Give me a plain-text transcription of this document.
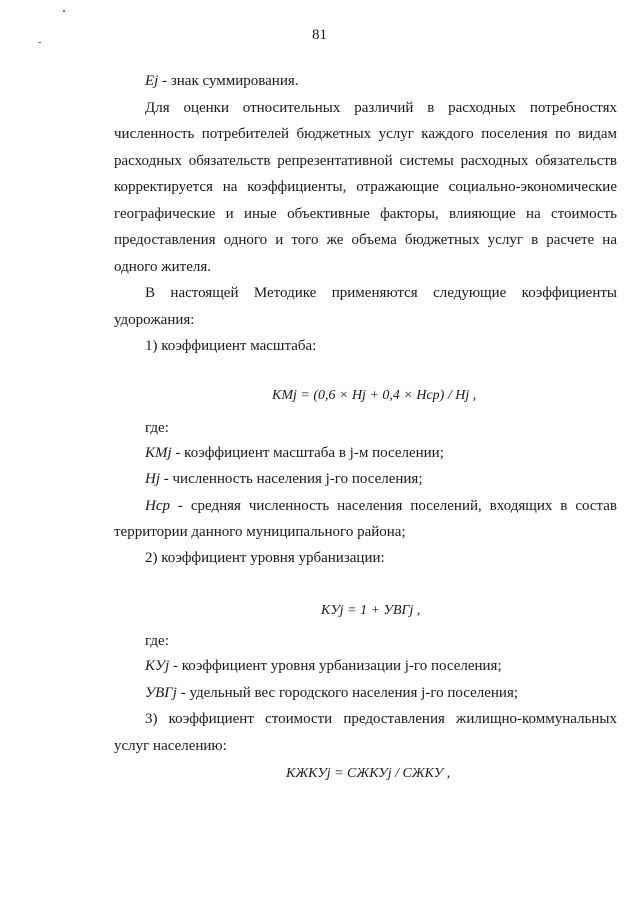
81
Ej - знак суммирования.
Для оценки относительных различий в расходных потребностях
численность потребителей бюджетных услуг каждого поселения по видам
расходных обязательств репрезентативной системы расходных обязательств
корректируется на коэффициенты, отражающие социально-экономические
географические и иные объективные факторы, влияющие на стоимость
предоставления одного и того же объема бюджетных услуг в расчете на
одного жителя.
В настоящей Методике применяются следующие коэффициенты
удорожания:
1) коэффициент масштаба:
KMj = (0,6 × Hj + 0,4 × Hcp) / Hj ,
где:
KMj - коэффициент масштаба в j-м поселении;
Hj - численность населения j-го поселения;
Hcp - средняя численность населения поселений, входящих в состав
территории данного муниципального района;
2) коэффициент уровня урбанизации:
KУj = 1 + УВГj ,
где:
KУj - коэффициент уровня урбанизации j-го поселения;
УВГj - удельный вес городского населения j-го поселения;
3) коэффициент стоимости предоставления жилищно-коммунальных
услуг населению:
KЖКУj = CЖКУj / CЖКУ ,
